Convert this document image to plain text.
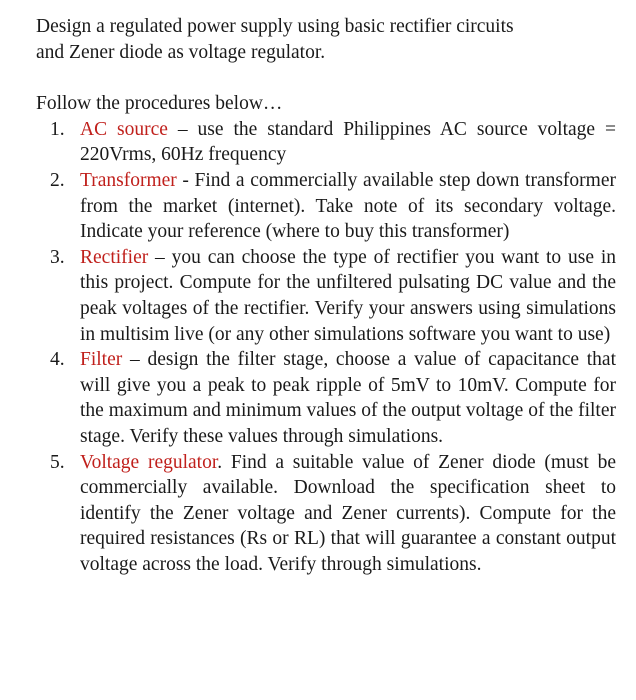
Design a regulated power supply using basic rectifier circuits
and Zener diode as voltage regulator.

Follow the procedures below…

1. AC source – use the standard Philippines AC source voltage = 220Vrms, 60Hz frequency
2. Transformer - Find a commercially available step down transformer from the market (internet). Take note of its secondary voltage. Indicate your reference (where to buy this transformer)
3. Rectifier – you can choose the type of rectifier you want to use in this project. Compute for the unfiltered pulsating DC value and the peak voltages of the rectifier. Verify your answers using simulations in multisim live (or any other simulations software you want to use)
4. Filter – design the filter stage, choose a value of capacitance that will give you a peak to peak ripple of 5mV to 10mV. Compute for the maximum and minimum values of the output voltage of the filter stage. Verify these values through simulations.
5. Voltage regulator. Find a suitable value of Zener diode (must be commercially available. Download the specification sheet to identify the Zener voltage and Zener currents). Compute for the required resistances (Rs or RL) that will guarantee a constant output voltage across the load. Verify through simulations.
